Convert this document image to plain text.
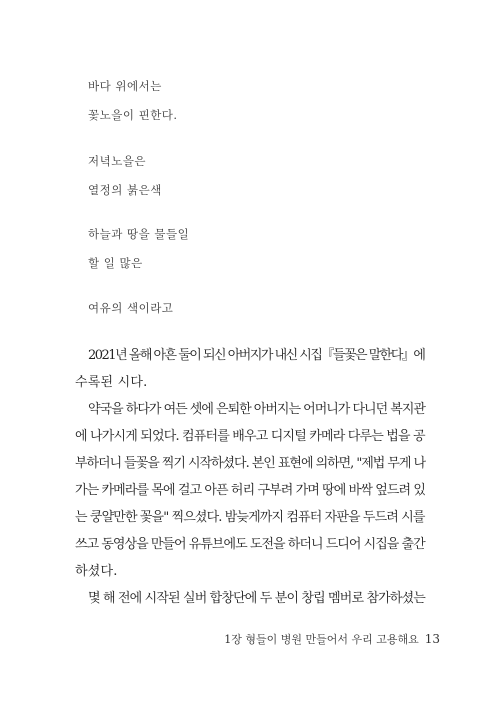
바다 위에서는
꽃노을이 핀한다.
저녁노을은
열정의 붉은색
하늘과 땅을 물들일
할 일 많은
여유의 색이라고
2021년 올해 아흔 둘이 되신 아버지가 내신 시집『들꽃은 말한다』에
수록된 시다.
약국을 하다가 여든 셋에 은퇴한 아버지는 어머니가 다니던 복지관
에 나가시게 되었다. 컴퓨터를 배우고 디지털 카메라 다루는 법을 공
부하더니 들꽃을 찍기 시작하셨다. 본인 표현에 의하면, "제법 무게 나
가는 카메라를 목에 걸고 아픈 허리 구부려 가며 땅에 바싹 엎드려 있
는 쿵얄만한 꽃을" 찍으셨다. 밤늦게까지 컴퓨터 자판을 두드려 시를
쓰고 동영상을 만들어 유튜브에도 도전을 하더니 드디어 시집을 출간
하셨다.
몇 해 전에 시작된 실버 합창단에 두 분이 창립 멤버로 참가하셨는
1장 형들이 병원 만들어서 우리 고용해요 13
